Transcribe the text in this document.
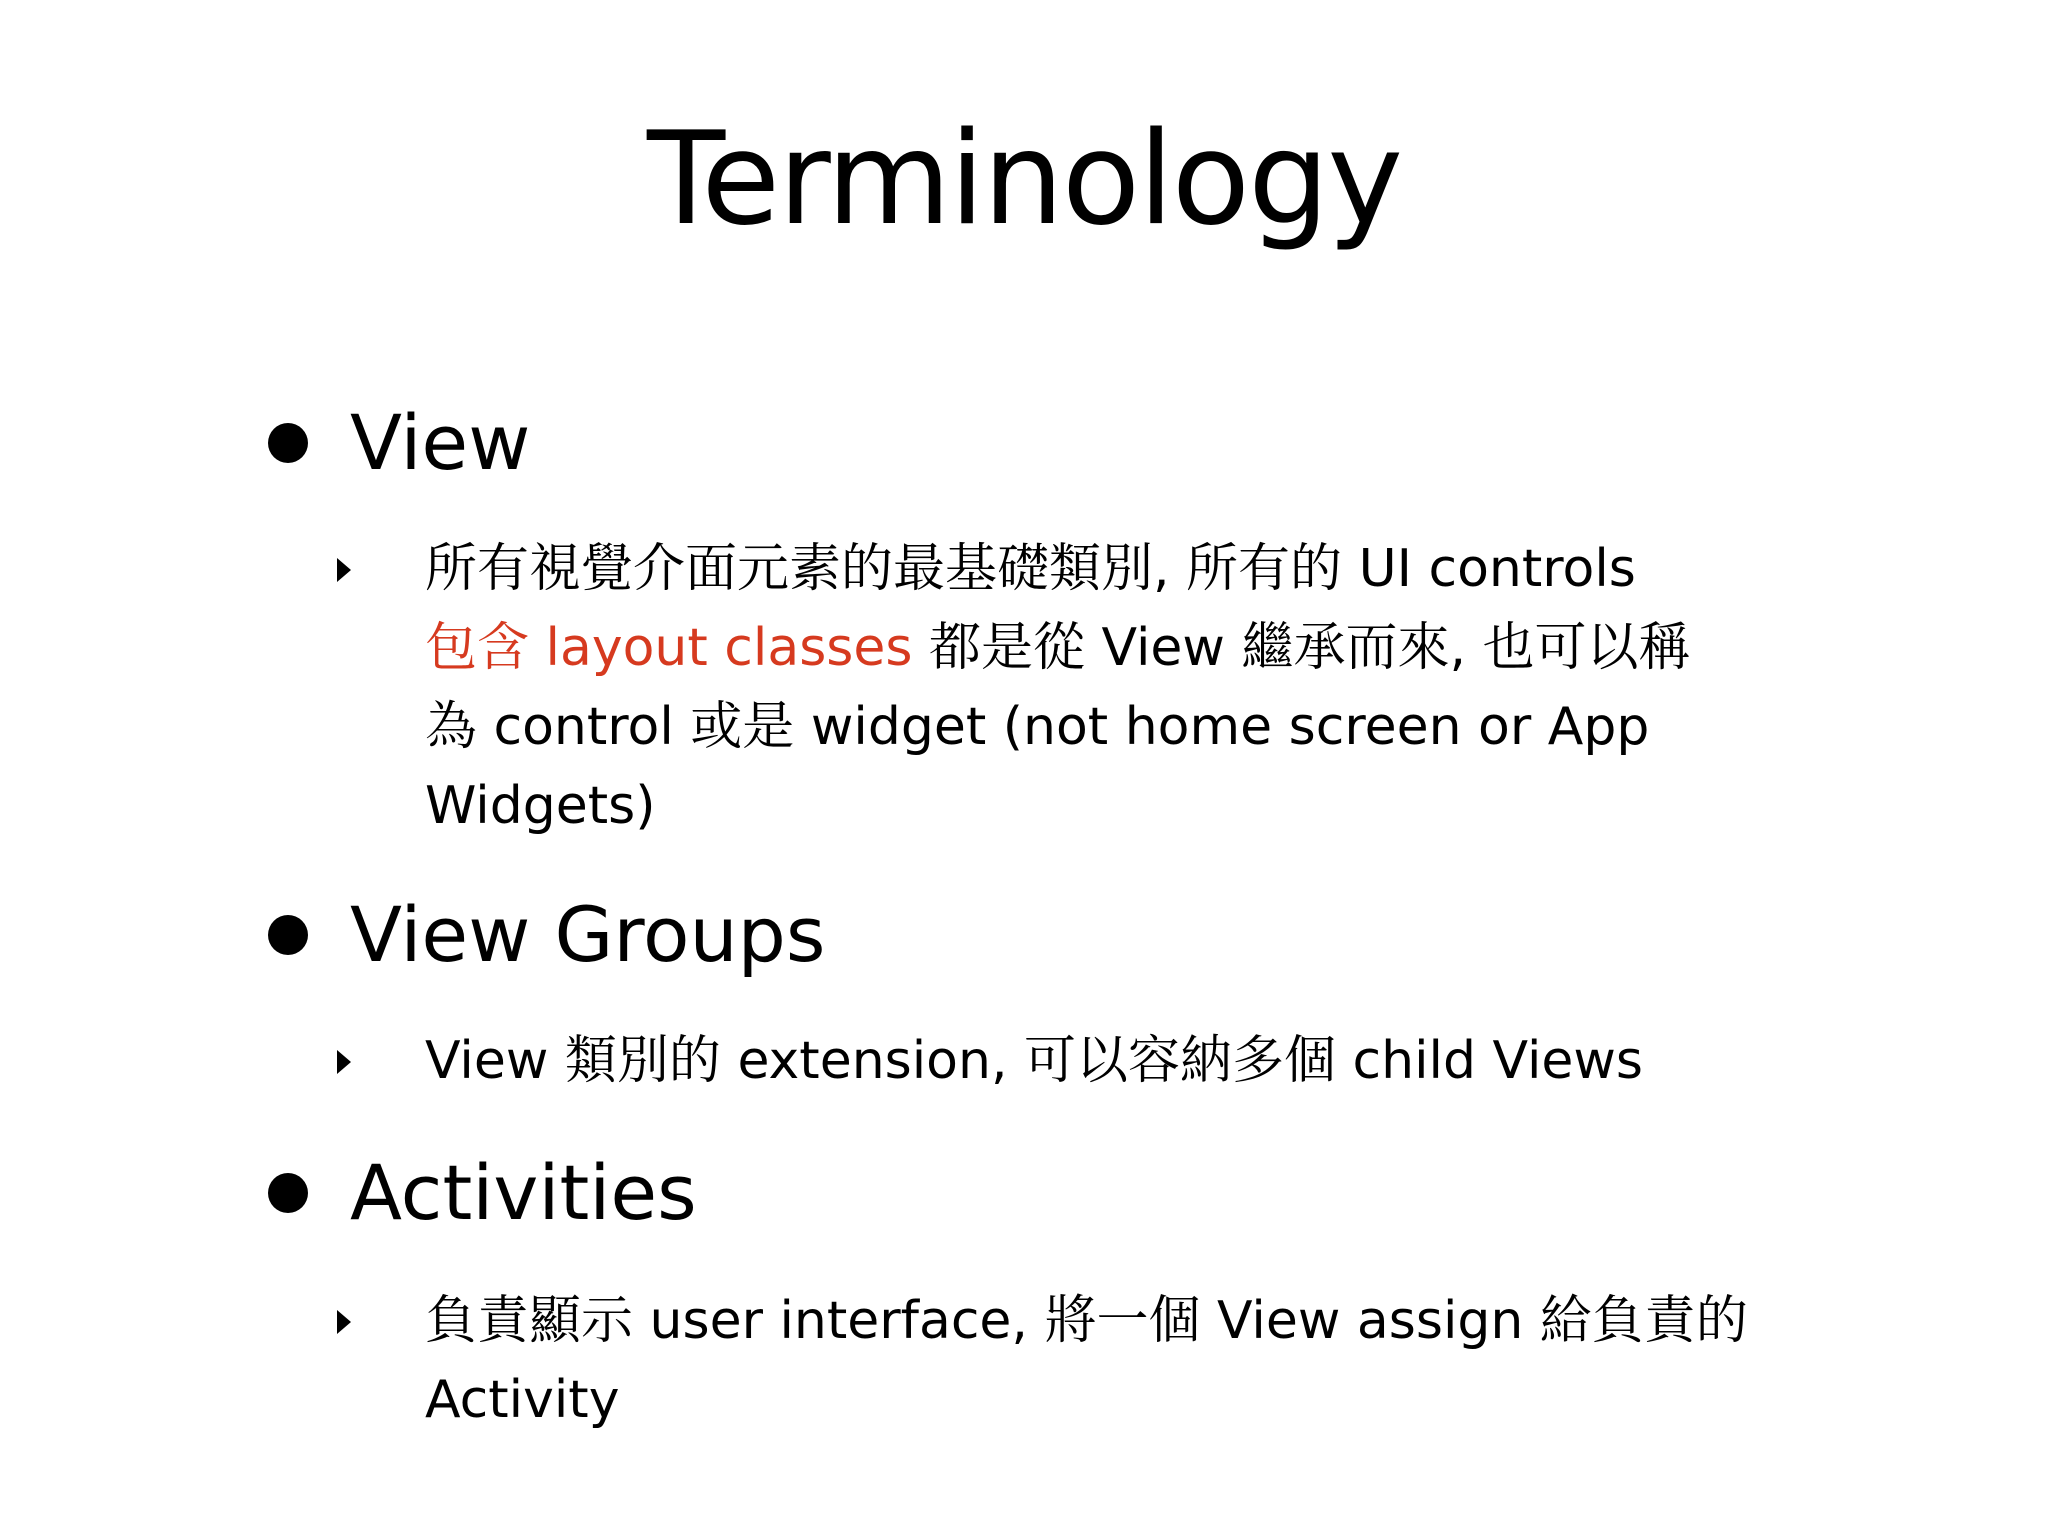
Terminology
View
所有視覺介面元素的最基礎類別, 所有的 UI controls
包含 layout classes 都是從 View 繼承而來, 也可以稱
為 control 或是 widget (not home screen or App
Widgets)
View Groups
View 類別的 extension, 可以容納多個 child Views
Activities
負責顯示 user interface, 將一個 View assign 給負責的
Activity
